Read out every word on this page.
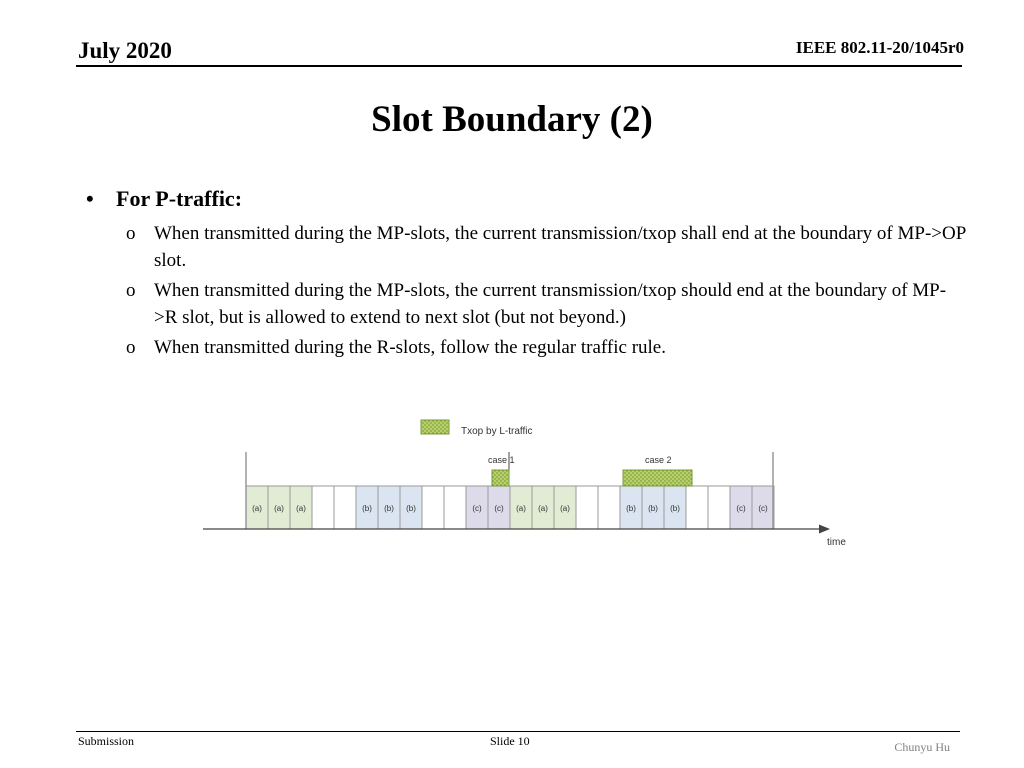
July 2020	IEEE 802.11-20/1045r0
Slot Boundary (2)
•	For P-traffic:
o When transmitted during the MP-slots, the current transmission/txop shall end at the boundary of MP->OP slot.
o When transmitted during the MP-slots, the current transmission/txop should end at the boundary of MP->R slot, but is allowed to extend to next slot (but not beyond.)
o When transmitted during the R-slots, follow the regular traffic rule.
Txop by L-traffic
(a) (a) (a)	(b) (b) (b)	(c) (c) (a) (a) (a)	(b) (b) (b)	(c) (c)
case 1	case 2
time
Submission	Slide 10	Chunyu Hu
